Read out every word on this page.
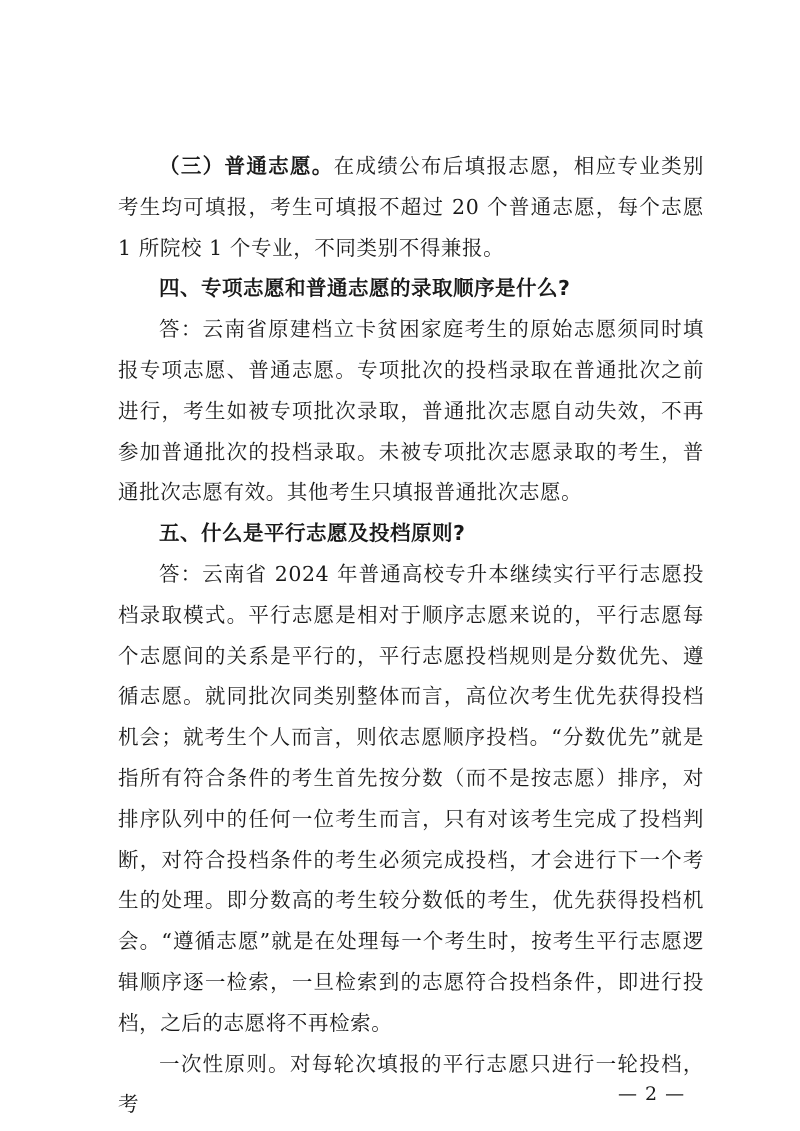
（三）普通志愿。在成绩公布后填报志愿，相应专业类别考生均可填报，考生可填报不超过 20 个普通志愿，每个志愿 1 所院校 1 个专业，不同类别不得兼报。

四、专项志愿和普通志愿的录取顺序是什么?

答：云南省原建档立卡贫困家庭考生的原始志愿须同时填报专项志愿、普通志愿。专项批次的投档录取在普通批次之前进行，考生如被专项批次录取，普通批次志愿自动失效，不再参加普通批次的投档录取。未被专项批次志愿录取的考生，普通批次志愿有效。其他考生只填报普通批次志愿。

五、什么是平行志愿及投档原则?

答：云南省 2024 年普通高校专升本继续实行平行志愿投档录取模式。平行志愿是相对于顺序志愿来说的，平行志愿每个志愿间的关系是平行的，平行志愿投档规则是分数优先、遵循志愿。就同批次同类别整体而言，高位次考生优先获得投档机会；就考生个人而言，则依志愿顺序投档。“分数优先”就是指所有符合条件的考生首先按分数（而不是按志愿）排序，对排序队列中的任何一位考生而言，只有对该考生完成了投档判断，对符合投档条件的考生必须完成投档，才会进行下一个考生的处理。即分数高的考生较分数低的考生，优先获得投档机会。“遵循志愿”就是在处理每一个考生时，按考生平行志愿逻辑顺序逐一检索，一旦检索到的志愿符合投档条件，即进行投档，之后的志愿将不再检索。

一次性原则。对每轮次填报的平行志愿只进行一轮投档，考	— 2 —
